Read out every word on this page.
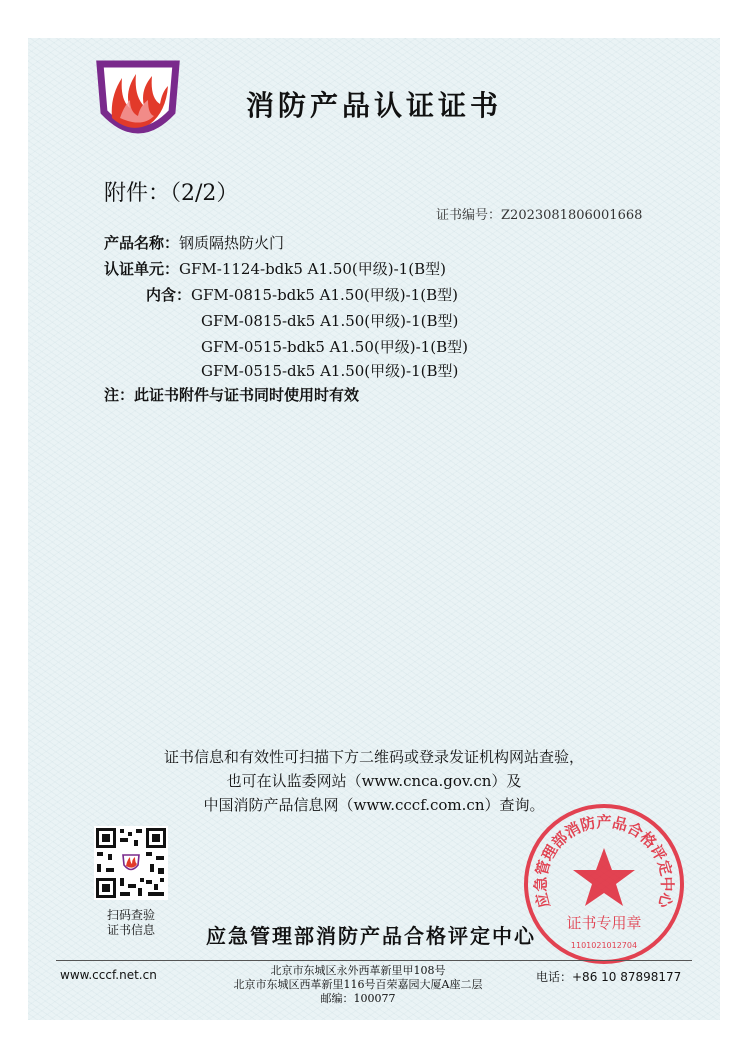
消防产品认证证书
附件：（2/2）
证书编号：Z2023081806001668
产品名称：钢质隔热防火门
认证单元：GFM-1124-bdk5 A1.50(甲级)-1(B型)
内含：GFM-0815-bdk5 A1.50(甲级)-1(B型)
GFM-0815-dk5 A1.50(甲级)-1(B型)
GFM-0515-bdk5 A1.50(甲级)-1(B型)
GFM-0515-dk5 A1.50(甲级)-1(B型)
注：此证书附件与证书同时使用时有效
证书信息和有效性可扫描下方二维码或登录发证机构网站查验，
也可在认监委网站（www.cnca.gov.cn）及
中国消防产品信息网（www.cccf.com.cn）查询。
扫码查验
证书信息	应急管理部消防产品合格评定中心
应急管理部消防产品合格评定中心
证书专用章
1101021012704
www.cccf.net.cn	北京市东城区永外西革新里甲108号
北京市东城区西革新里116号百荣嘉园大厦A座二层
邮编：100077
电话：+86 10 87898177
